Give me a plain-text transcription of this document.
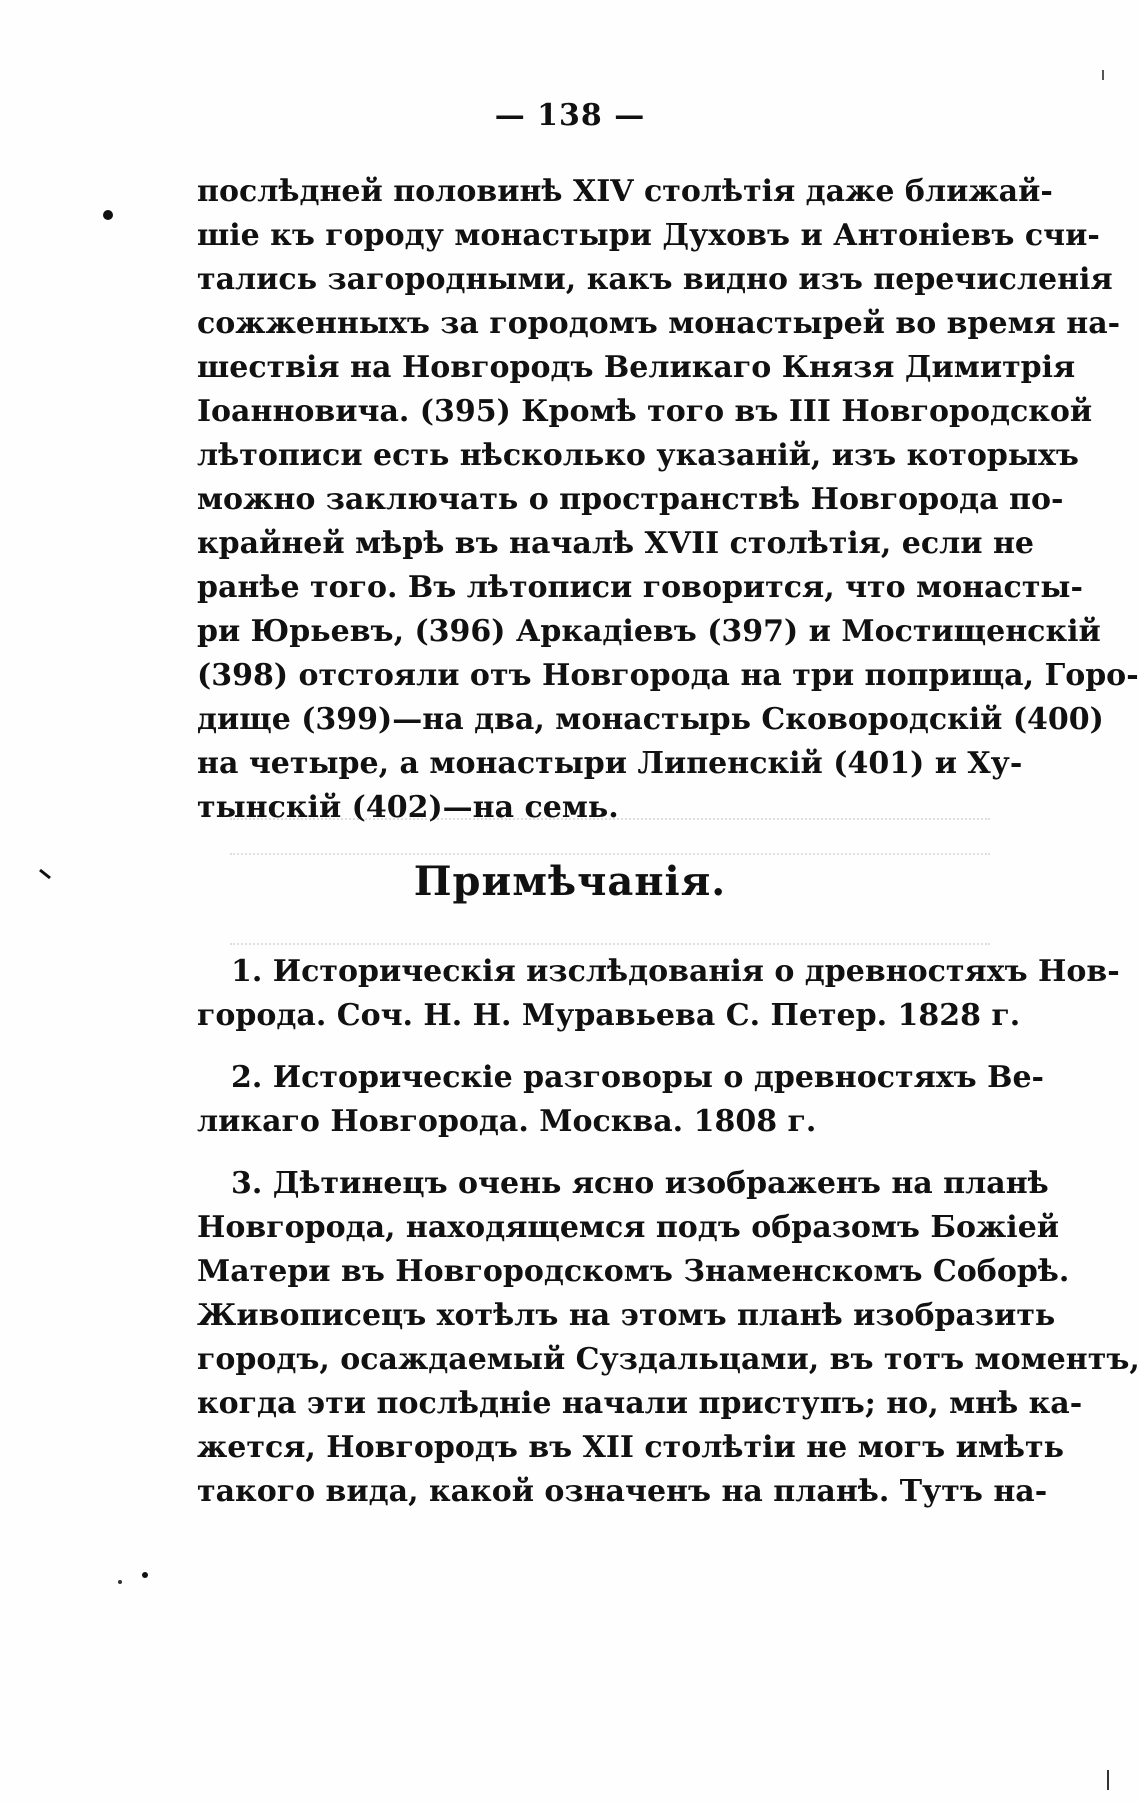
— 138 —
послѣдней половинѣ XIV столѣтія даже ближай-
шіе къ городу монастыри Духовъ и Антоніевъ счи-
тались загородными, какъ видно изъ перечисленія
сожженныхъ за городомъ монастырей во время на-
шествія на Новгородъ Великаго Князя Димитрія
Іоанновича. (395) Кромѣ того въ III Новгородской
лѣтописи есть нѣсколько указаній, изъ которыхъ
можно заключать о пространствѣ Новгорода по-
крайней мѣрѣ въ началѣ XVII столѣтія, если не
ранѣе того. Въ лѣтописи говорится, что монасты-
ри Юрьевъ, (396) Аркадіевъ (397) и Мостищенскій
(398) отстояли отъ Новгорода на три поприща, Горо-
дище (399)—на два, монастырь Сковородскій (400)
на четыре, а монастыри Липенскій (401) и Ху-
тынскій (402)—на семь.
Примѣчанія.
1. Историческія изслѣдованія о древностяхъ Нов-
города. Соч. Н. Н. Муравьева С. Петер. 1828 г.
2. Историческіе разговоры о древностяхъ Ве-
ликаго Новгорода. Москва. 1808 г.
3. Дѣтинецъ очень ясно изображенъ на планѣ
Новгорода, находящемся подъ образомъ Божіей
Матери въ Новгородскомъ Знаменскомъ Соборѣ.
Живописецъ хотѣлъ на этомъ планѣ изобразить
городъ, осаждаемый Суздальцами, въ тотъ моментъ,
когда эти послѣдніе начали приступъ; но, мнѣ ка-
жется, Новгородъ въ XII столѣтіи не могъ имѣть
такого вида, какой означенъ на планѣ. Тутъ на-
